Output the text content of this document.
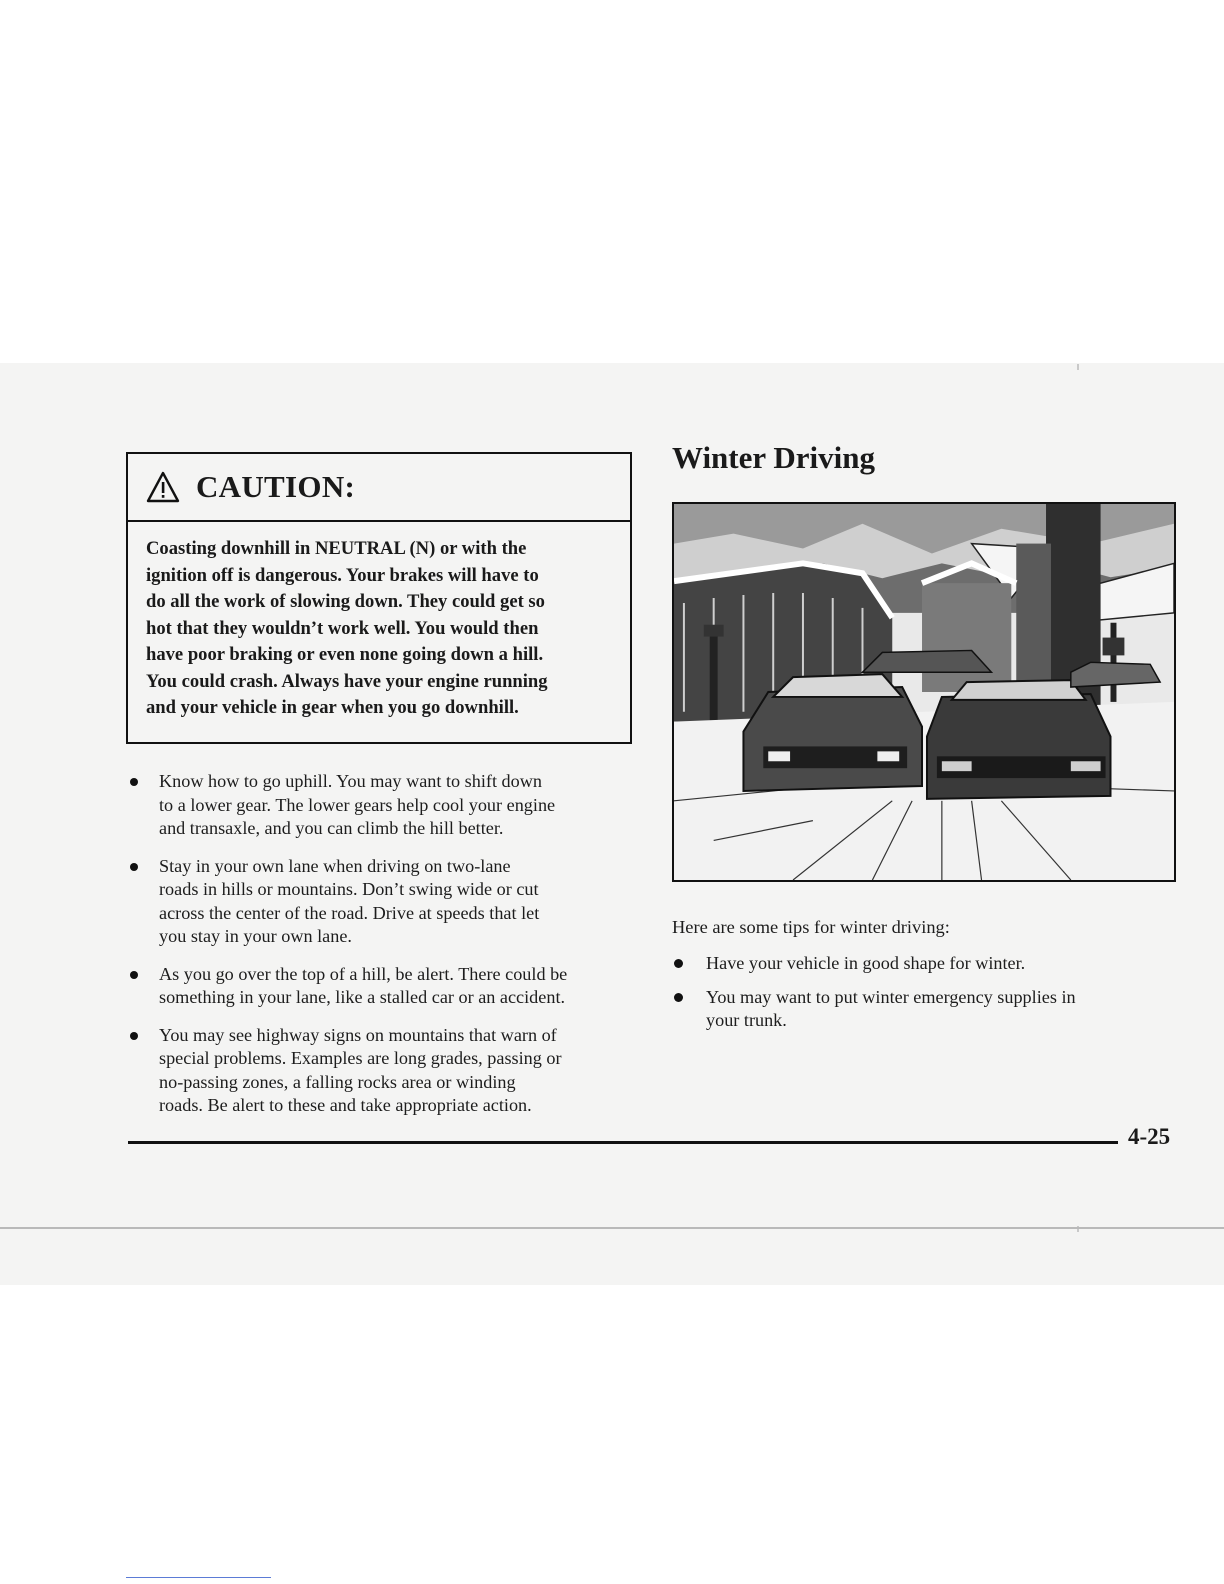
CAUTION:
Coasting downhill in NEUTRAL (N) or with the
ignition off is dangerous. Your brakes will have to
do all the work of slowing down. They could get so
hot that they wouldn’t work well. You would then
have poor braking or even none going down a hill.
You could crash. Always have your engine running
and your vehicle in gear when you go downhill.
Know how to go uphill. You may want to shift down
to a lower gear. The lower gears help cool your engine
and transaxle, and you can climb the hill better.
Stay in your own lane when driving on two-lane
roads in hills or mountains. Don’t swing wide or cut
across the center of the road. Drive at speeds that let
you stay in your own lane.
As you go over the top of a hill, be alert. There could be
something in your lane, like a stalled car or an accident.
You may see highway signs on mountains that warn of
special problems. Examples are long grades, passing or
no-passing zones, a falling rocks area or winding
roads. Be alert to these and take appropriate action.
Winter Driving

Here are some tips for winter driving:

Have your vehicle in good shape for winter.
You may want to put winter emergency supplies in
your trunk.
4-25
